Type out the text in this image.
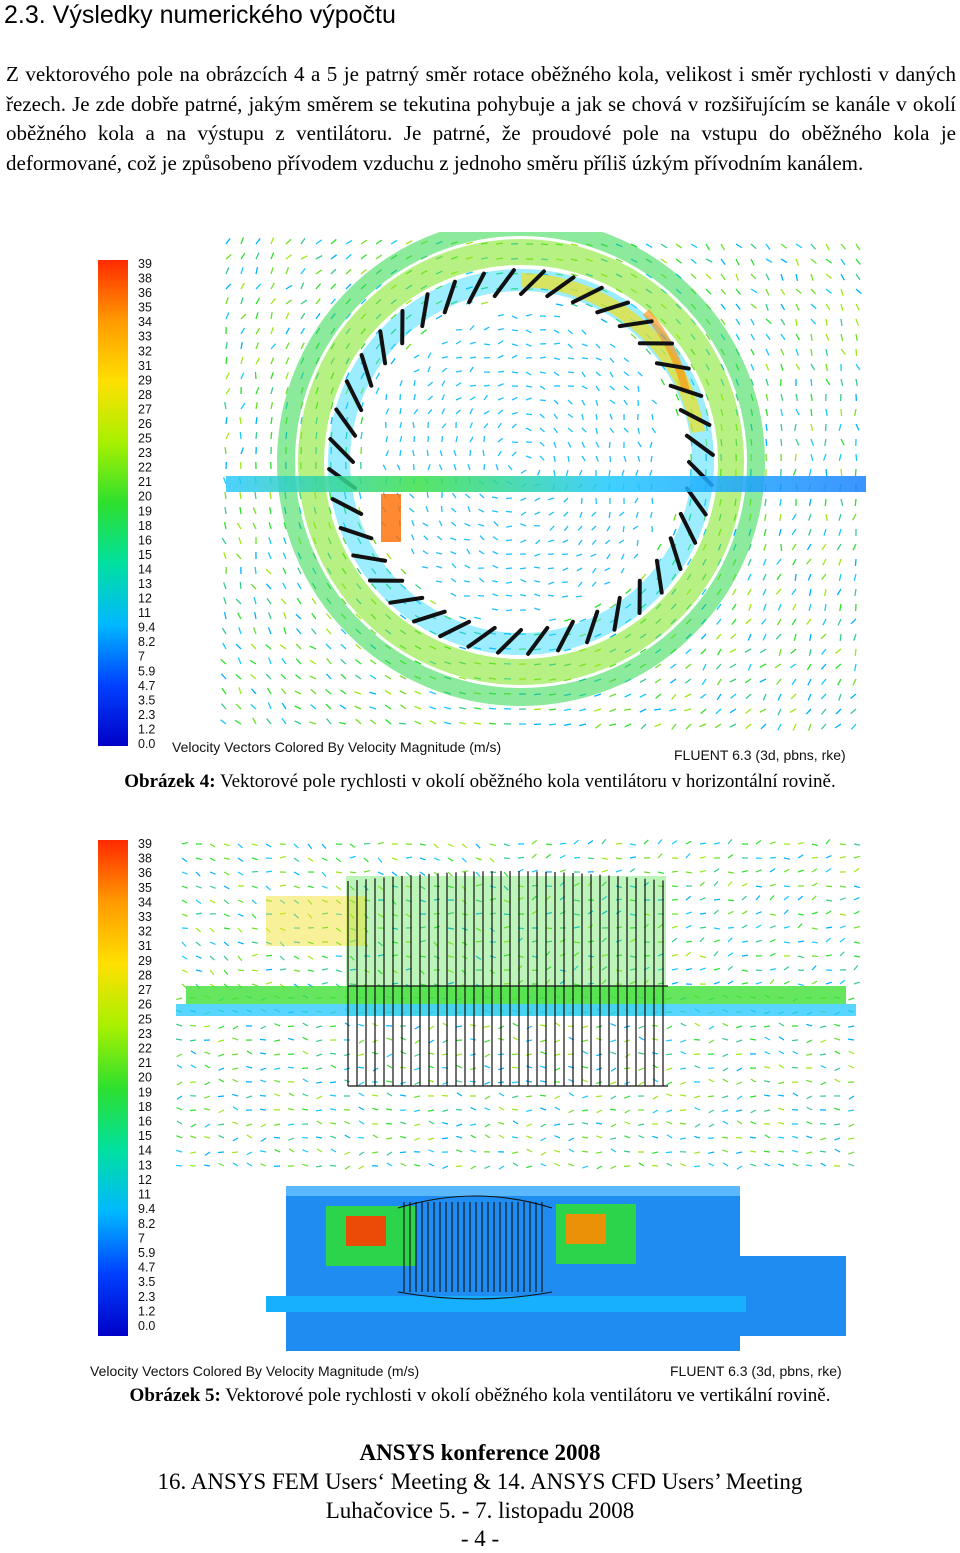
2.3. Výsledky numerického výpočtu

Z vektorového pole na obrázcích 4 a 5 je patrný směr rotace oběžného kola, velikost i směr rychlosti v daných řezech. Je zde dobře patrné, jakým směrem se tekutina pohybuje a jak se chová v rozšiřujícím se kanále v okolí oběžného kola a na výstupu z ventilátoru. Je patrné, že proudové pole na vstupu do oběžného kola je deformované, což je způsobeno přívodem vzduchu z jednoho směru příliš úzkým přívodním kanálem.

39
38
36
35
34
33
32
31
29
28
27
26
25
23
22
21
20
19
18
16
15
14
13
12
11
9.4
8.2
7
5.9
4.7
3.5
2.3
1.2
0.0 Velocity Vectors Colored By Velocity Magnitude (m/s)	FLUENT 6.3 (3d, pbns, rke)

Obrázek 4: Vektorové pole rychlosti v okolí oběžného kola ventilátoru v horizontální rovině.

39
38
36
35
34
33
32
31
29
28
27
26
25
23
22
21
20
19
18
16
15
14
13
12
11
9.4
8.2
7
5.9
4.7
3.5
2.3
1.2
0.0
Velocity Vectors Colored By Velocity Magnitude (m/s)	FLUENT 6.3 (3d, pbns, rke)

Obrázek 5: Vektorové pole rychlosti v okolí oběžného kola ventilátoru ve vertikální rovině.

ANSYS konference 2008

16. ANSYS FEM Users‘ Meeting & 14. ANSYS CFD Users’ Meeting

Luhačovice 5. - 7. listopadu 2008

- 4 -
